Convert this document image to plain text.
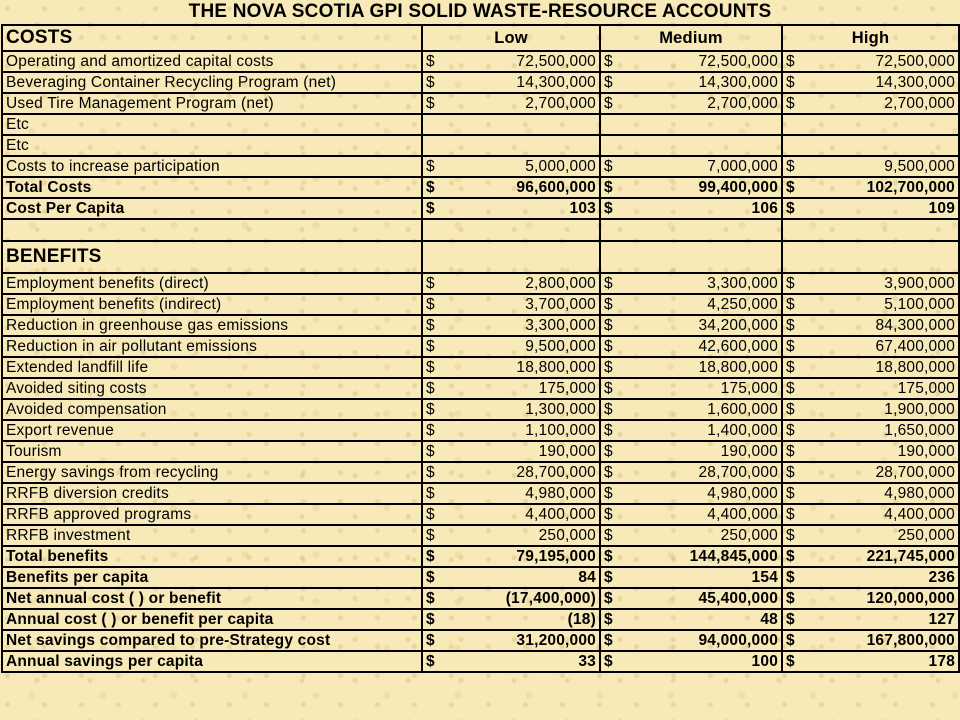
THE NOVA SCOTIA GPI SOLID WASTE-RESOURCE ACCOUNTS
COSTS	Low		Medium		High	
Operating and amortized capital costs	$	72,500,000	$	72,500,000	$	72,500,000
Beveraging Container Recycling Program (net)	$	14,300,000	$	14,300,000	$	14,300,000
Used Tire Management Program (net)	$	2,700,000	$	2,700,000	$	2,700,000
Etc						
Etc						
Costs to increase participation	$	5,000,000	$	7,000,000	$	9,500,000
Total Costs	$	96,600,000	$	99,400,000	$	102,700,000
Cost Per Capita	$	103	$	106	$	109

BENEFITS						
Employment benefits (direct)	$	2,800,000	$	3,300,000	$	3,900,000
Employment benefits (indirect)	$	3,700,000	$	4,250,000	$	5,100,000
Reduction in greenhouse gas emissions	$	3,300,000	$	34,200,000	$	84,300,000
Reduction in air pollutant emissions	$	9,500,000	$	42,600,000	$	67,400,000
Extended landfill life	$	18,800,000	$	18,800,000	$	18,800,000
Avoided siting costs	$	175,000	$	175,000	$	175,000
Avoided compensation	$	1,300,000	$	1,600,000	$	1,900,000
Export revenue	$	1,100,000	$	1,400,000	$	1,650,000
Tourism	$	190,000	$	190,000	$	190,000
Energy savings from recycling	$	28,700,000	$	28,700,000	$	28,700,000
RRFB diversion credits	$	4,980,000	$	4,980,000	$	4,980,000
RRFB approved programs	$	4,400,000	$	4,400,000	$	4,400,000
RRFB investment	$	250,000	$	250,000	$	250,000
Total benefits	$	79,195,000	$	144,845,000	$	221,745,000
Benefits per capita	$	84	$	154	$	236
Net annual cost ( ) or benefit	$	(17,400,000)	$	45,400,000	$	120,000,000
Annual cost ( ) or benefit per capita	$	(18)	$	48	$	127
Net savings compared to pre-Strategy cost	$	31,200,000	$	94,000,000	$	167,800,000
Annual savings per capita	$	33	$	100	$	178
